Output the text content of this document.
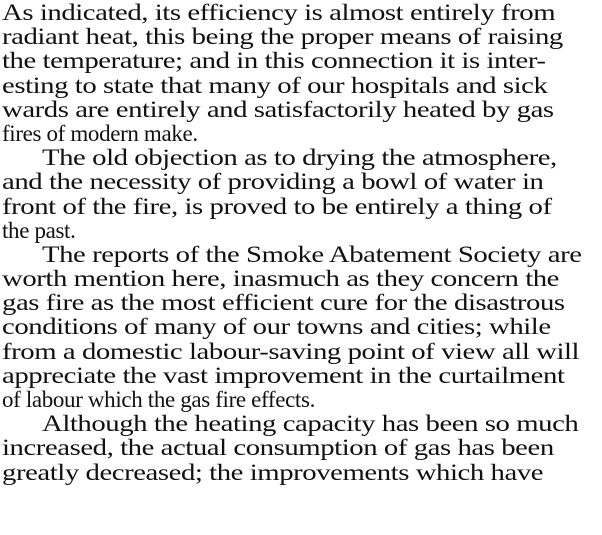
As indicated, its efficiency is almost entirely from
radiant heat, this being the proper means of raising
the temperature; and in this connection it is inter-
esting to state that many of our hospitals and sick
wards are entirely and satisfactorily heated by gas
fires of modern make.
The old objection as to drying the atmosphere,
and the necessity of providing a bowl of water in
front of the fire, is proved to be entirely a thing of
the past.
The reports of the Smoke Abatement Society are
worth mention here, inasmuch as they concern the
gas fire as the most efficient cure for the disastrous
conditions of many of our towns and cities; while
from a domestic labour-saving point of view all will
appreciate the vast improvement in the curtailment
of labour which the gas fire effects.
Although the heating capacity has been so much
increased, the actual consumption of gas has been
greatly decreased; the improvements which have
